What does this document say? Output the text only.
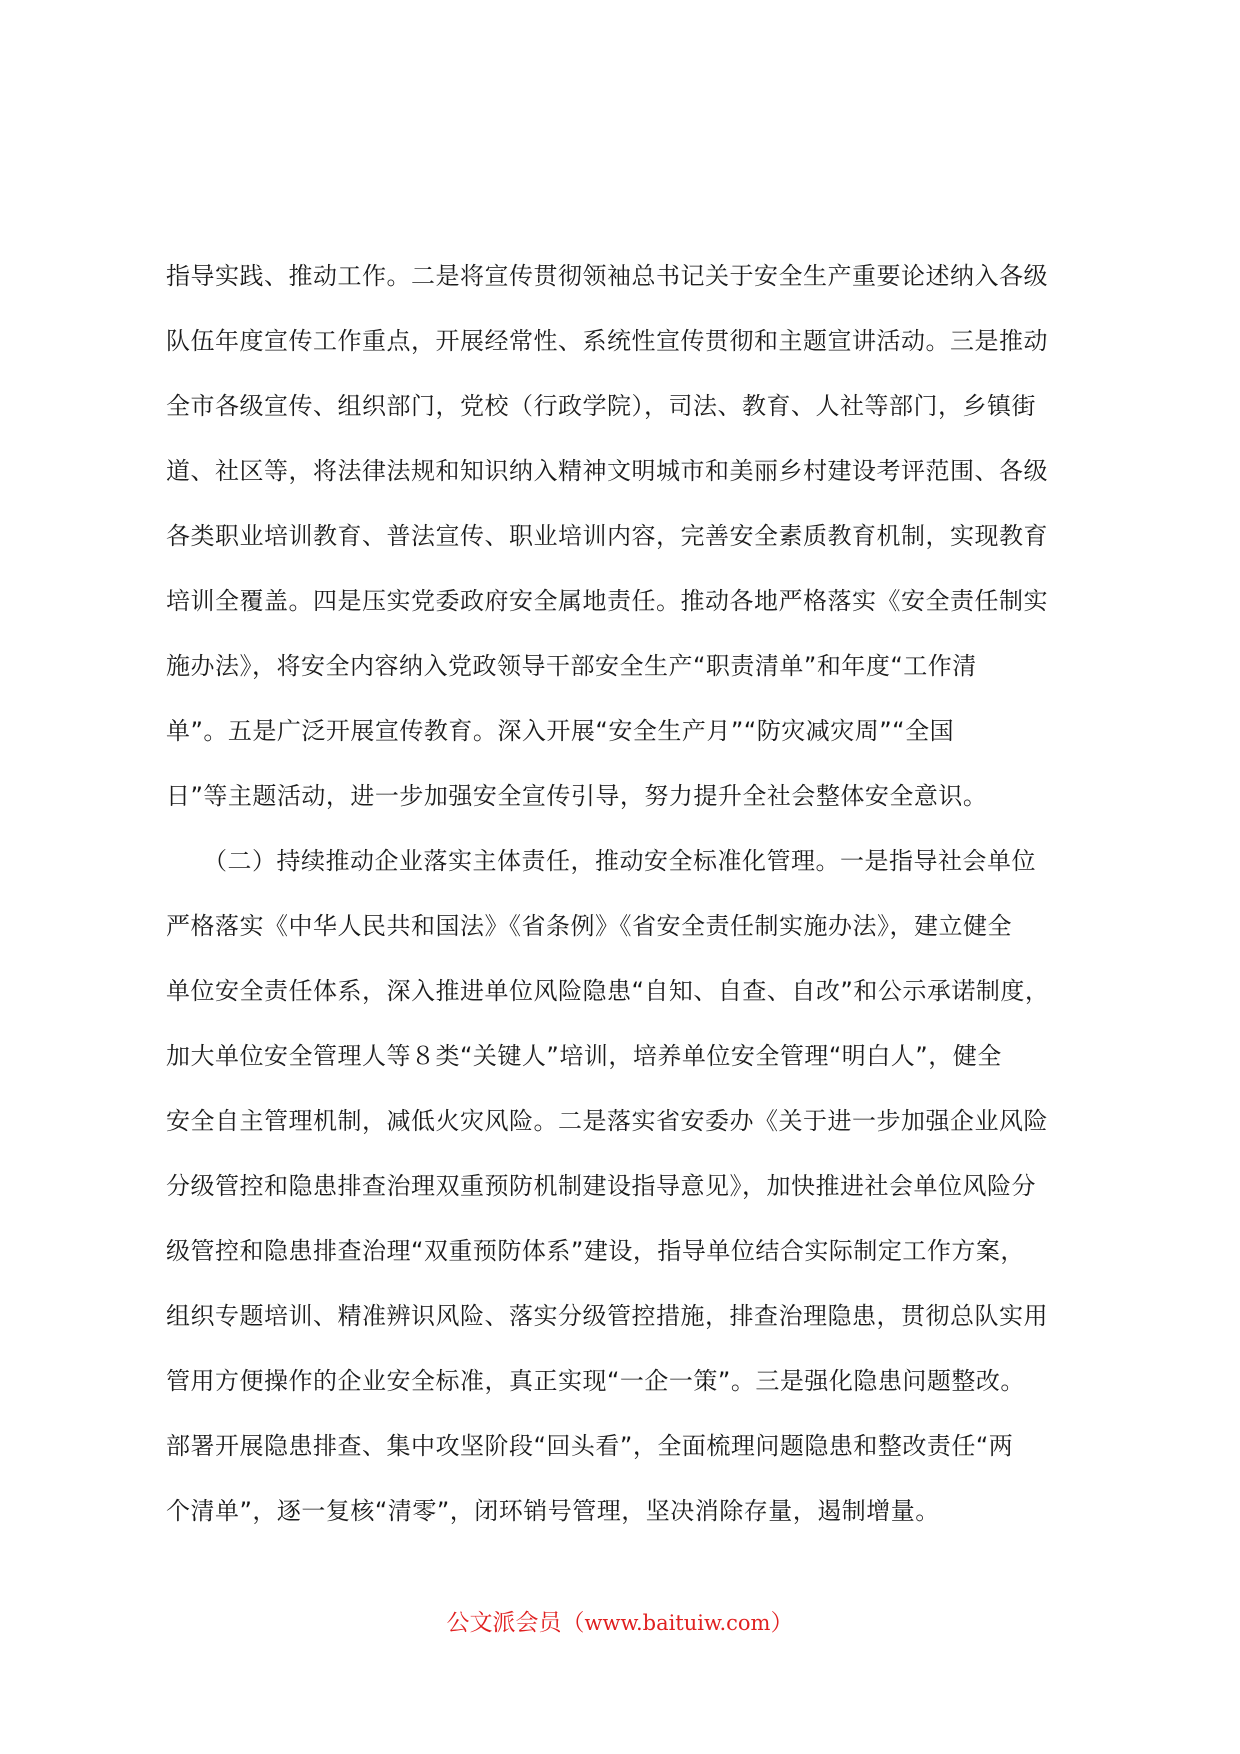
指导实践、推动工作。二是将宣传贯彻领袖总书记关于安全生产重要论述纳入各级
队伍年度宣传工作重点，开展经常性、系统性宣传贯彻和主题宣讲活动。三是推动
全市各级宣传、组织部门，党校（行政学院），司法、教育、人社等部门，乡镇街
道、社区等，将法律法规和知识纳入精神文明城市和美丽乡村建设考评范围、各级
各类职业培训教育、普法宣传、职业培训内容，完善安全素质教育机制，实现教育
培训全覆盖。四是压实党委政府安全属地责任。推动各地严格落实《安全责任制实
施办法》，将安全内容纳入党政领导干部安全生产“职责清单”和年度“工作清
单”。五是广泛开展宣传教育。深入开展“安全生产月”“防灾减灾周”“全国
日”等主题活动，进一步加强安全宣传引导，努力提升全社会整体安全意识。
　　（二）持续推动企业落实主体责任，推动安全标准化管理。一是指导社会单位
严格落实《中华人民共和国法》《省条例》《省安全责任制实施办法》，建立健全
单位安全责任体系，深入推进单位风险隐患“自知、自查、自改”和公示承诺制度，
加大单位安全管理人等８类“关键人”培训，培养单位安全管理“明白人”，健全
安全自主管理机制，减低火灾风险。二是落实省安委办《关于进一步加强企业风险
分级管控和隐患排查治理双重预防机制建设指导意见》，加快推进社会单位风险分
级管控和隐患排查治理“双重预防体系”建设，指导单位结合实际制定工作方案，
组织专题培训、精准辨识风险、落实分级管控措施，排查治理隐患，贯彻总队实用
管用方便操作的企业安全标准，真正实现“一企一策”。三是强化隐患问题整改。
部署开展隐患排查、集中攻坚阶段“回头看”，全面梳理问题隐患和整改责任“两
个清单”，逐一复核“清零”，闭环销号管理，坚决消除存量，遏制增量。
公文派会员（www.baituiw.com）
